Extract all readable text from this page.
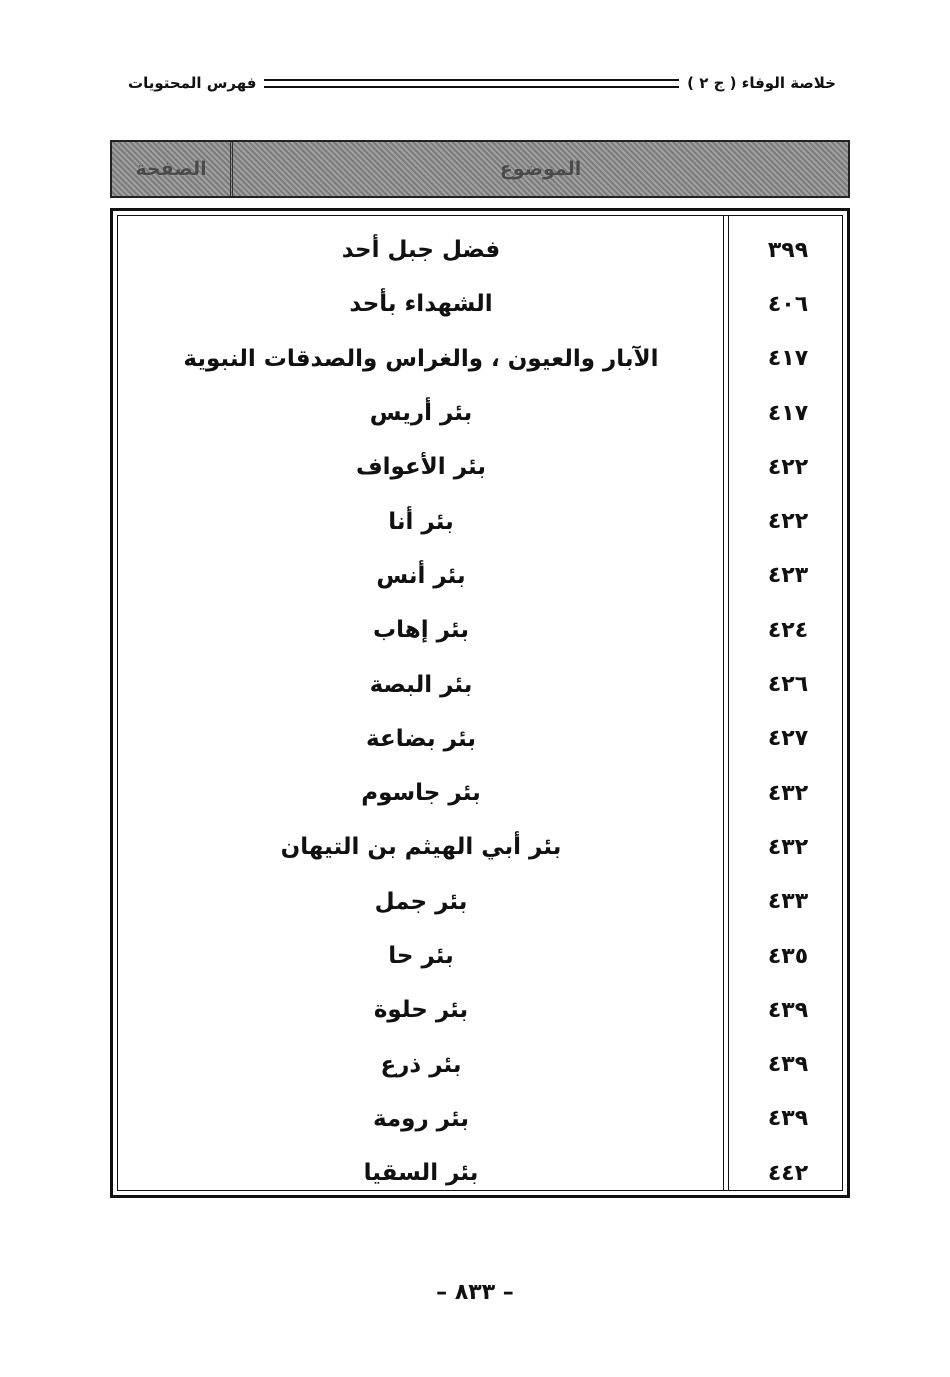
خلاصة الوفاء ( ج ٢ )
فهرس المحتويات
الموضوع
الصفحة
٣٩٩
فضل جبل أحد
٤٠٦
الشهداء بأحد
٤١٧
الآبار والعيون ، والغراس والصدقات النبوية
٤١٧
بئر أريس
٤٢٢
بئر الأعواف
٤٢٢
بئر أنا
٤٢٣
بئر أنس
٤٢٤
بئر إهاب
٤٢٦
بئر البصة
٤٢٧
بئر بضاعة
٤٣٢
بئر جاسوم
٤٣٢
بئر أبي الهيثم بن التيهان
٤٣٣
بئر جمل
٤٣٥
بئر حا
٤٣٩
بئر حلوة
٤٣٩
بئر ذرع
٤٣٩
بئر رومة
٤٤٢
بئر السقيا
– ٨٣٣ –
